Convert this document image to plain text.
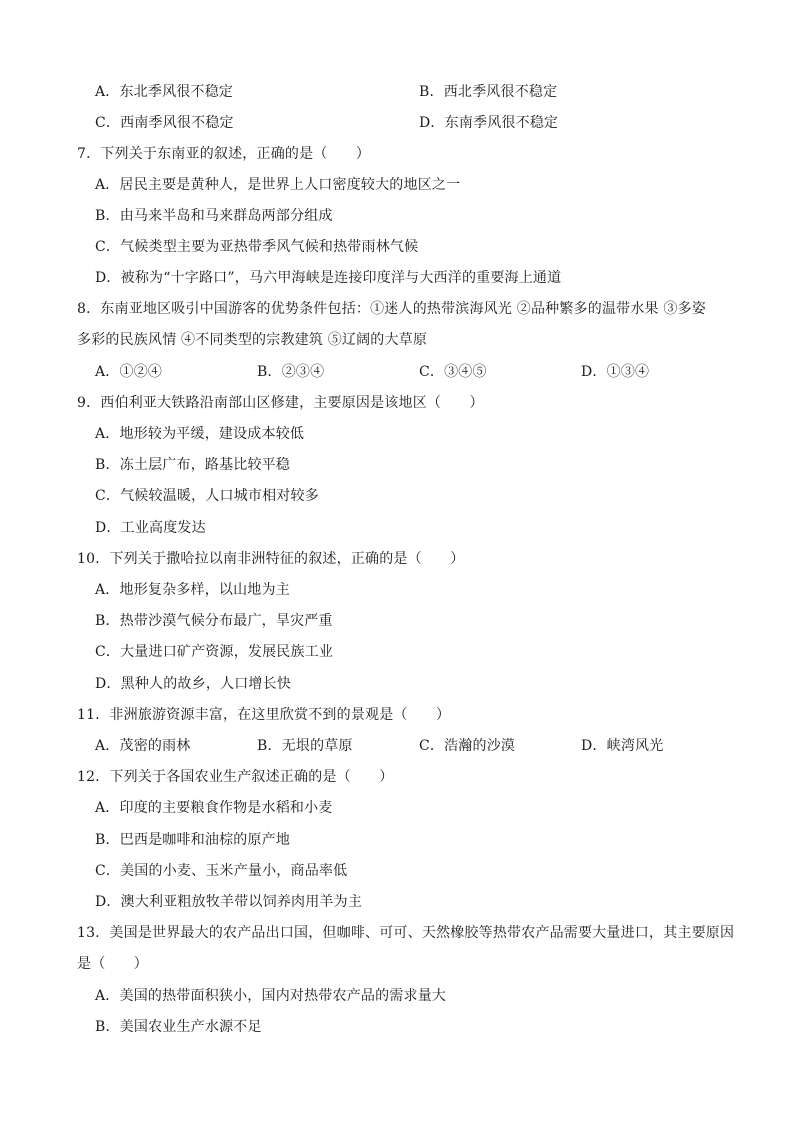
A．东北季风很不稳定	B．西北季风很不稳定
C．西南季风很不稳定	D．东南季风很不稳定
7．下列关于东南亚的叙述，正确的是（　　）
A．居民主要是黄种人，是世界上人口密度较大的地区之一
B．由马来半岛和马来群岛两部分组成
C．气候类型主要为亚热带季风气候和热带雨林气候
D．被称为“十字路口”，马六甲海峡是连接印度洋与大西洋的重要海上通道
8．东南亚地区吸引中国游客的优势条件包括：①迷人的热带滨海风光 ②品种繁多的温带水果 ③多姿
多彩的民族风情 ④不同类型的宗教建筑 ⑤辽阔的大草原
A．①②④	B．②③④	C．③④⑤	D．①③④
9．西伯利亚大铁路沿南部山区修建，主要原因是该地区（　　）
A．地形较为平缓，建设成本较低
B．冻土层广布，路基比较平稳
C．气候较温暖，人口城市相对较多
D．工业高度发达
10．下列关于撒哈拉以南非洲特征的叙述，正确的是（　　）
A．地形复杂多样，以山地为主
B．热带沙漠气候分布最广，旱灾严重
C．大量进口矿产资源，发展民族工业
D．黑种人的故乡，人口增长快
11．非洲旅游资源丰富，在这里欣赏不到的景观是（　　）
A．茂密的雨林	B．无垠的草原	C．浩瀚的沙漠	D．峡湾风光
12．下列关于各国农业生产叙述正确的是（　　）
A．印度的主要粮食作物是水稻和小麦
B．巴西是咖啡和油棕的原产地
C．美国的小麦、玉米产量小，商品率低
D．澳大利亚粗放牧羊带以饲养肉用羊为主
13．美国是世界最大的农产品出口国，但咖啡、可可、天然橡胶等热带农产品需要大量进口，其主要原因
是（　　）
A．美国的热带面积狭小，国内对热带农产品的需求量大
B．美国农业生产水源不足
